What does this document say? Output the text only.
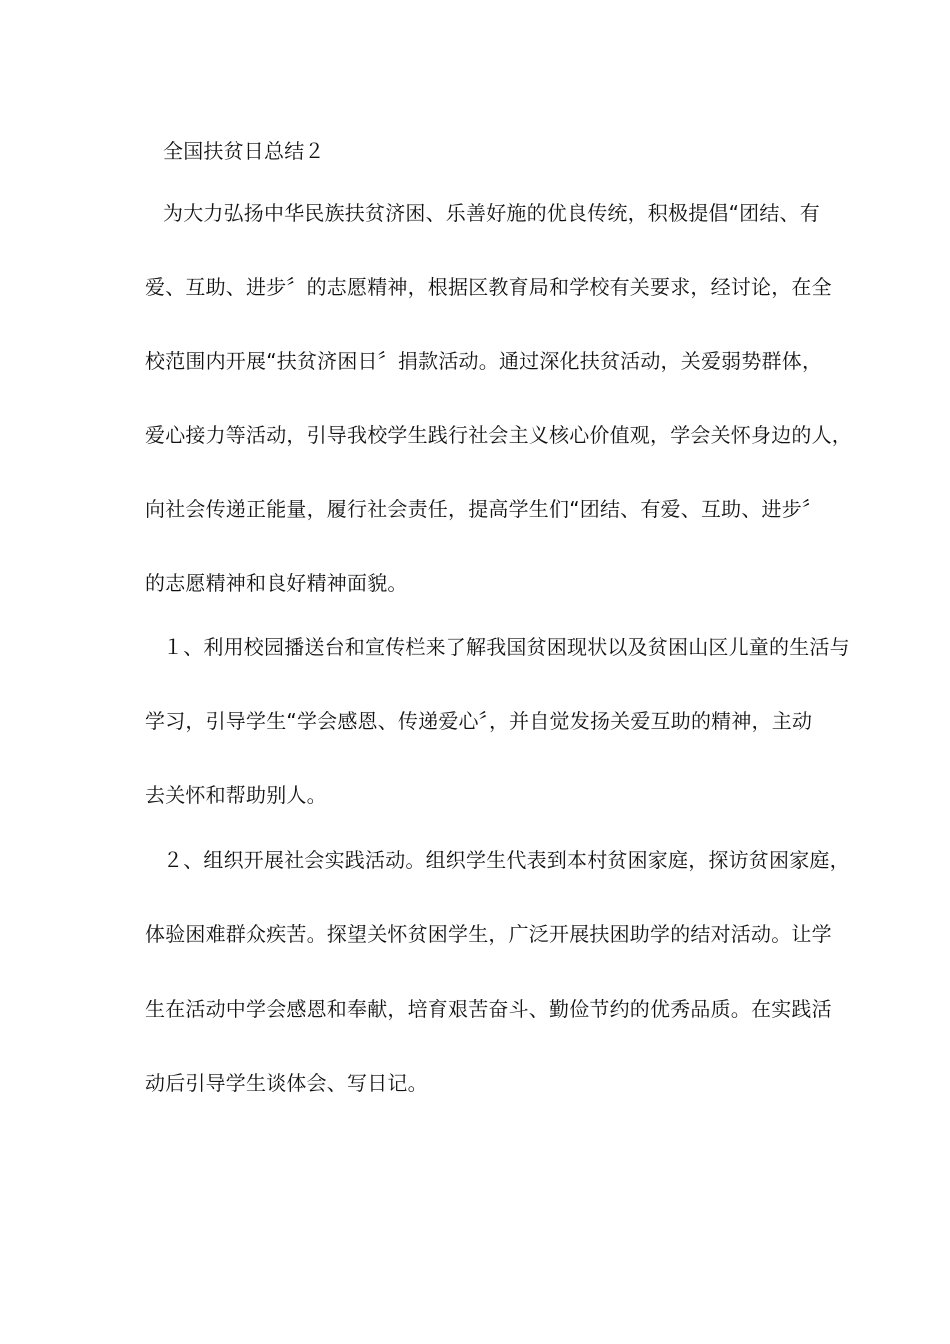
全国扶贫日总结２
为大力弘扬中华民族扶贫济困、乐善好施的优良传统，积极提倡“团结、有
爱、互助、进步〞的志愿精神，根据区教育局和学校有关要求，经讨论，在全
校范围内开展“扶贫济困日〞捐款活动。通过深化扶贫活动，关爱弱势群体，
爱心接力等活动，引导我校学生践行社会主义核心价值观，学会关怀身边的人，
向社会传递正能量，履行社会责任，提高学生们“团结、有爱、互助、进步〞
的志愿精神和良好精神面貌。
１、利用校园播送台和宣传栏来了解我国贫困现状以及贫困山区儿童的生活与
学习，引导学生“学会感恩、传递爱心〞，并自觉发扬关爱互助的精神，主动
去关怀和帮助别人。
２、组织开展社会实践活动。组织学生代表到本村贫困家庭，探访贫困家庭，
体验困难群众疾苦。探望关怀贫困学生，广泛开展扶困助学的结对活动。让学
生在活动中学会感恩和奉献，培育艰苦奋斗、勤俭节约的优秀品质。在实践活
动后引导学生谈体会、写日记。
